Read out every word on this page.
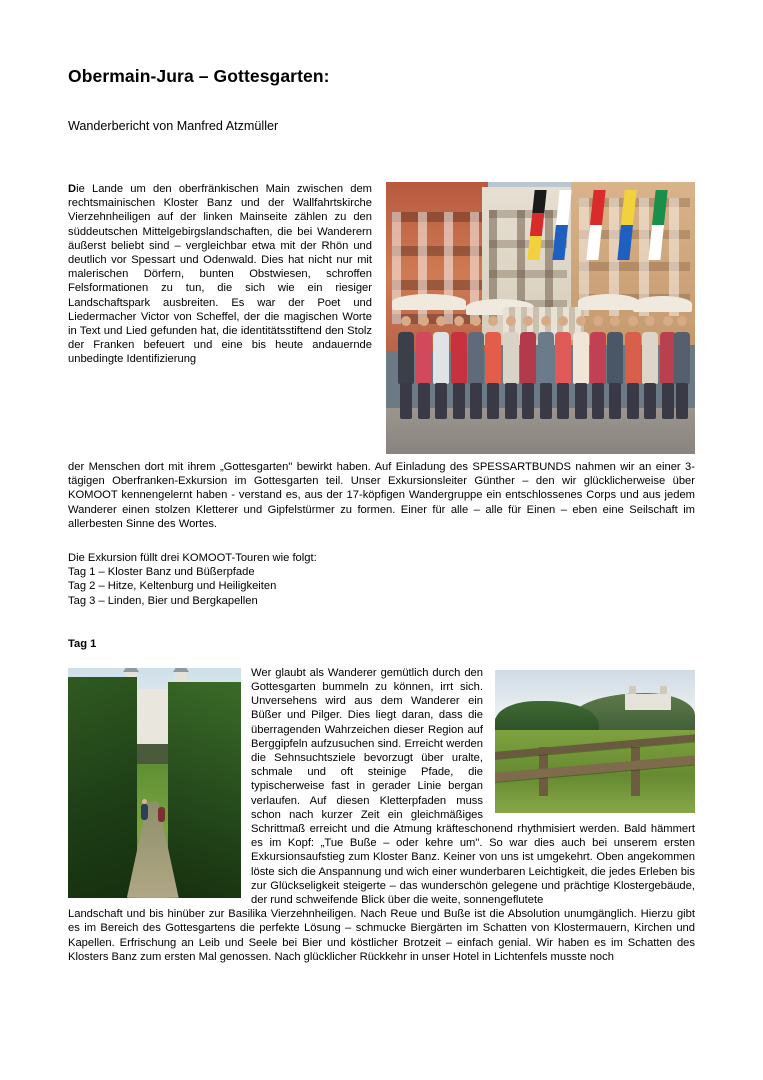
Obermain-Jura – Gottesgarten:
Wanderbericht von Manfred Atzmüller

Die Lande um den oberfränkischen Main zwischen dem rechtsmainischen Kloster Banz und der Wallfahrtskirche Vierzehnheiligen auf der linken Mainseite zählen zu den süddeutschen Mittelgebirgslandschaften, die bei Wanderern äußerst beliebt sind – vergleichbar etwa mit der Rhön und deutlich vor Spessart und Odenwald. Dies hat nicht nur mit malerischen Dörfern, bunten Obstwiesen, schroffen Felsformationen zu tun, die sich wie ein riesiger Landschaftspark ausbreiten. Es war der Poet und Liedermacher Victor von Scheffel, der die magischen Worte in Text und Lied gefunden hat, die identitätsstiftend den Stolz der Franken befeuert und eine bis heute andauernde unbedingte Identifizierung

der Menschen dort mit ihrem „Gottesgarten" bewirkt haben. Auf Einladung des SPESSARTBUNDS nahmen wir an einer 3-tägigen Oberfranken-Exkursion im Gottesgarten teil. Unser Exkursionsleiter Günther – den wir glücklicherweise über KOMOOT kennengelernt haben - verstand es, aus der 17-köpfigen Wandergruppe ein entschlossenes Corps und aus jedem Wanderer einen stolzen Kletterer und Gipfelstürmer zu formen. Einer für alle – alle für Einen – eben eine Seilschaft im allerbesten Sinne des Wortes.

Die Exkursion füllt drei KOMOOT-Touren wie folgt:
Tag 1 – Kloster Banz und Büßerpfade
Tag 2 – Hitze, Keltenburg und Heiligkeiten
Tag 3 – Linden, Bier und Bergkapellen
Tag 1

Wer glaubt als Wanderer gemütlich durch den Gottesgarten bummeln zu können, irrt sich. Unversehens wird aus dem Wanderer ein Büßer und Pilger. Dies liegt daran, dass die überragenden Wahrzeichen dieser Region auf Berggipfeln aufzusuchen sind. Erreicht werden die Sehnsuchtsziele bevorzugt über uralte, schmale und oft steinige Pfade, die typischerweise fast in gerader Linie bergan verlaufen. Auf diesen Kletterpfaden muss schon nach kurzer Zeit ein gleichmäßiges Schrittmaß erreicht und die Atmung kräfteschonend rhythmisiert werden. Bald hämmert es im Kopf: „Tue Buße – oder kehre um". So war dies auch bei unserem ersten Exkursionsaufstieg zum Kloster Banz. Keiner von uns ist umgekehrt. Oben angekommen löste sich die Anspannung und wich einer wunderbaren Leichtigkeit, die jedes Erleben bis zur Glückseligkeit steigerte – das wunderschön gelegene und prächtige Klostergebäude, der rund schweifende Blick über die weite, sonnengeflutete

Landschaft und bis hinüber zur Basilika Vierzehnheiligen. Nach Reue und Buße ist die Absolution unumgänglich. Hierzu gibt es im Bereich des Gottesgartens die perfekte Lösung – schmucke Biergärten im Schatten von Klostermauern, Kirchen und Kapellen. Erfrischung an Leib und Seele bei Bier und köstlicher Brotzeit – einfach genial. Wir haben es im Schatten des Klosters Banz zum ersten Mal genossen. Nach glücklicher Rückkehr in unser Hotel in Lichtenfels musste noch
